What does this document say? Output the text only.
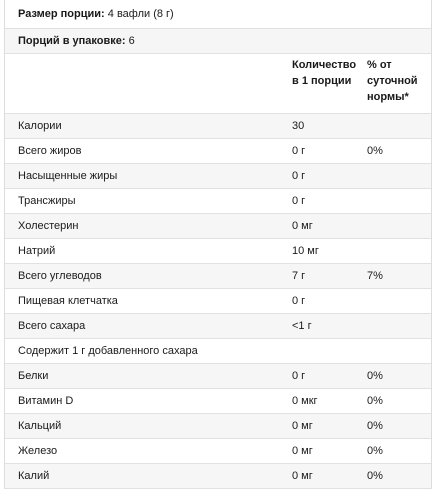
Размер порции:
4 вафли (8 г)
Порций в упаковке:
6
Количество в 1 порции
% от суточной нормы*
Калории	30
Всего жиров	0 г	0%
Насыщенные жиры	0 г
Трансжиры	0 г
Холестерин	0 мг
Натрий	10 мг
Всего углеводов	7 г	7%
Пищевая клетчатка	0 г
Всего сахара	<1 г
Содержит 1 г добавленного сахара
Белки	0 г	0%
Витамин D	0 мкг	0%
Кальций	0 мг	0%
Железо	0 мг	0%
Калий	0 мг	0%
